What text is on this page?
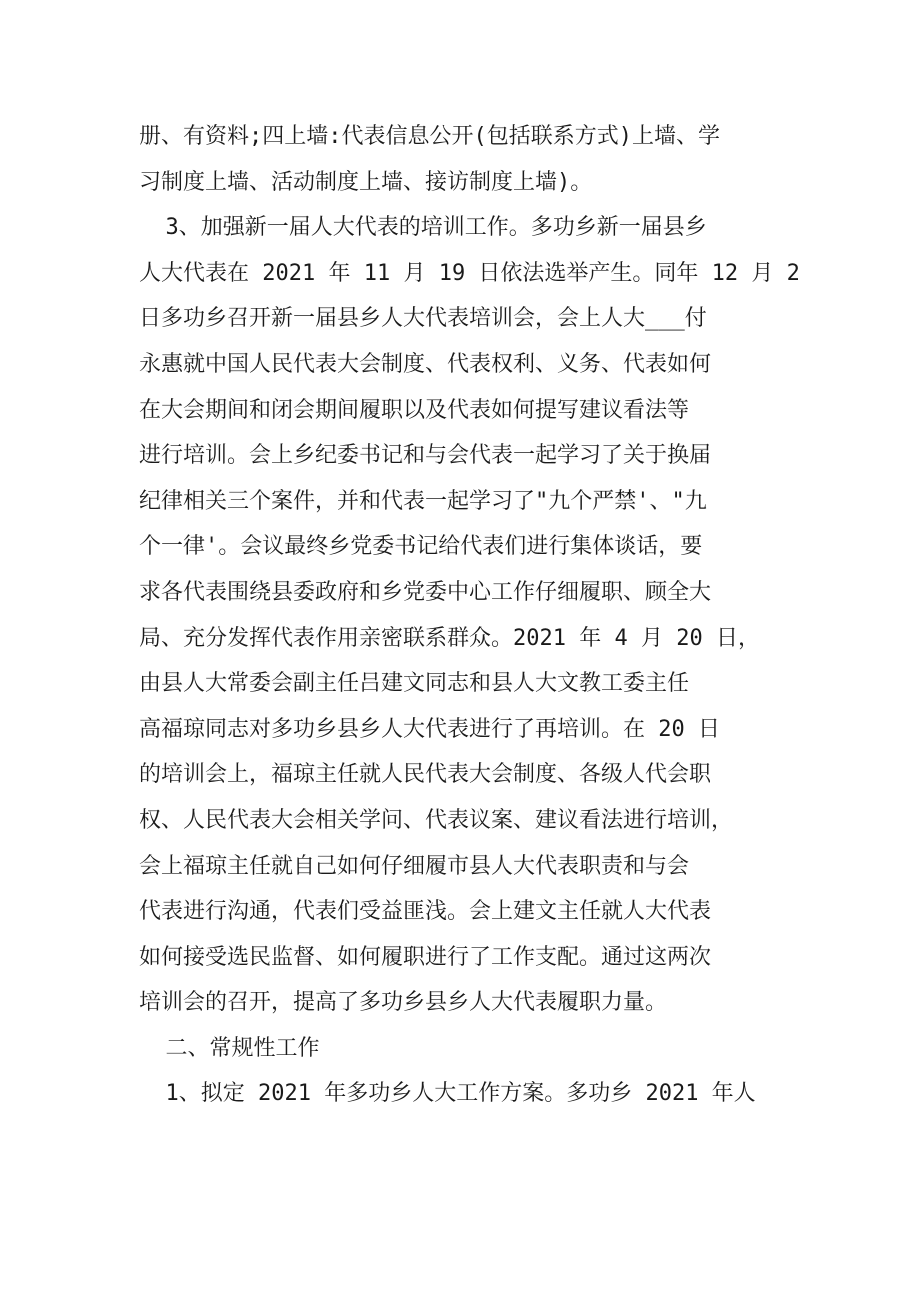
册、有资料;四上墙:代表信息公开(包括联系方式)上墙、学
习制度上墙、活动制度上墙、接访制度上墙)。
3、加强新一届人大代表的培训工作。多功乡新一届县乡
人大代表在 2021 年 11 月 19 日依法选举产生。同年 12 月 2
日多功乡召开新一届县乡人大代表培训会，会上人大___付
永惠就中国人民代表大会制度、代表权利、义务、代表如何
在大会期间和闭会期间履职以及代表如何提写建议看法等
进行培训。会上乡纪委书记和与会代表一起学习了关于换届
纪律相关三个案件，并和代表一起学习了"九个严禁'、"九
个一律'。会议最终乡党委书记给代表们进行集体谈话，要
求各代表围绕县委政府和乡党委中心工作仔细履职、顾全大
局、充分发挥代表作用亲密联系群众。2021 年 4 月 20 日，
由县人大常委会副主任吕建文同志和县人大文教工委主任
高福琼同志对多功乡县乡人大代表进行了再培训。在 20 日
的培训会上，福琼主任就人民代表大会制度、各级人代会职
权、人民代表大会相关学问、代表议案、建议看法进行培训，
会上福琼主任就自己如何仔细履市县人大代表职责和与会
代表进行沟通，代表们受益匪浅。会上建文主任就人大代表
如何接受选民监督、如何履职进行了工作支配。通过这两次
培训会的召开，提高了多功乡县乡人大代表履职力量。
二、常规性工作
1、拟定 2021 年多功乡人大工作方案。多功乡 2021 年人
